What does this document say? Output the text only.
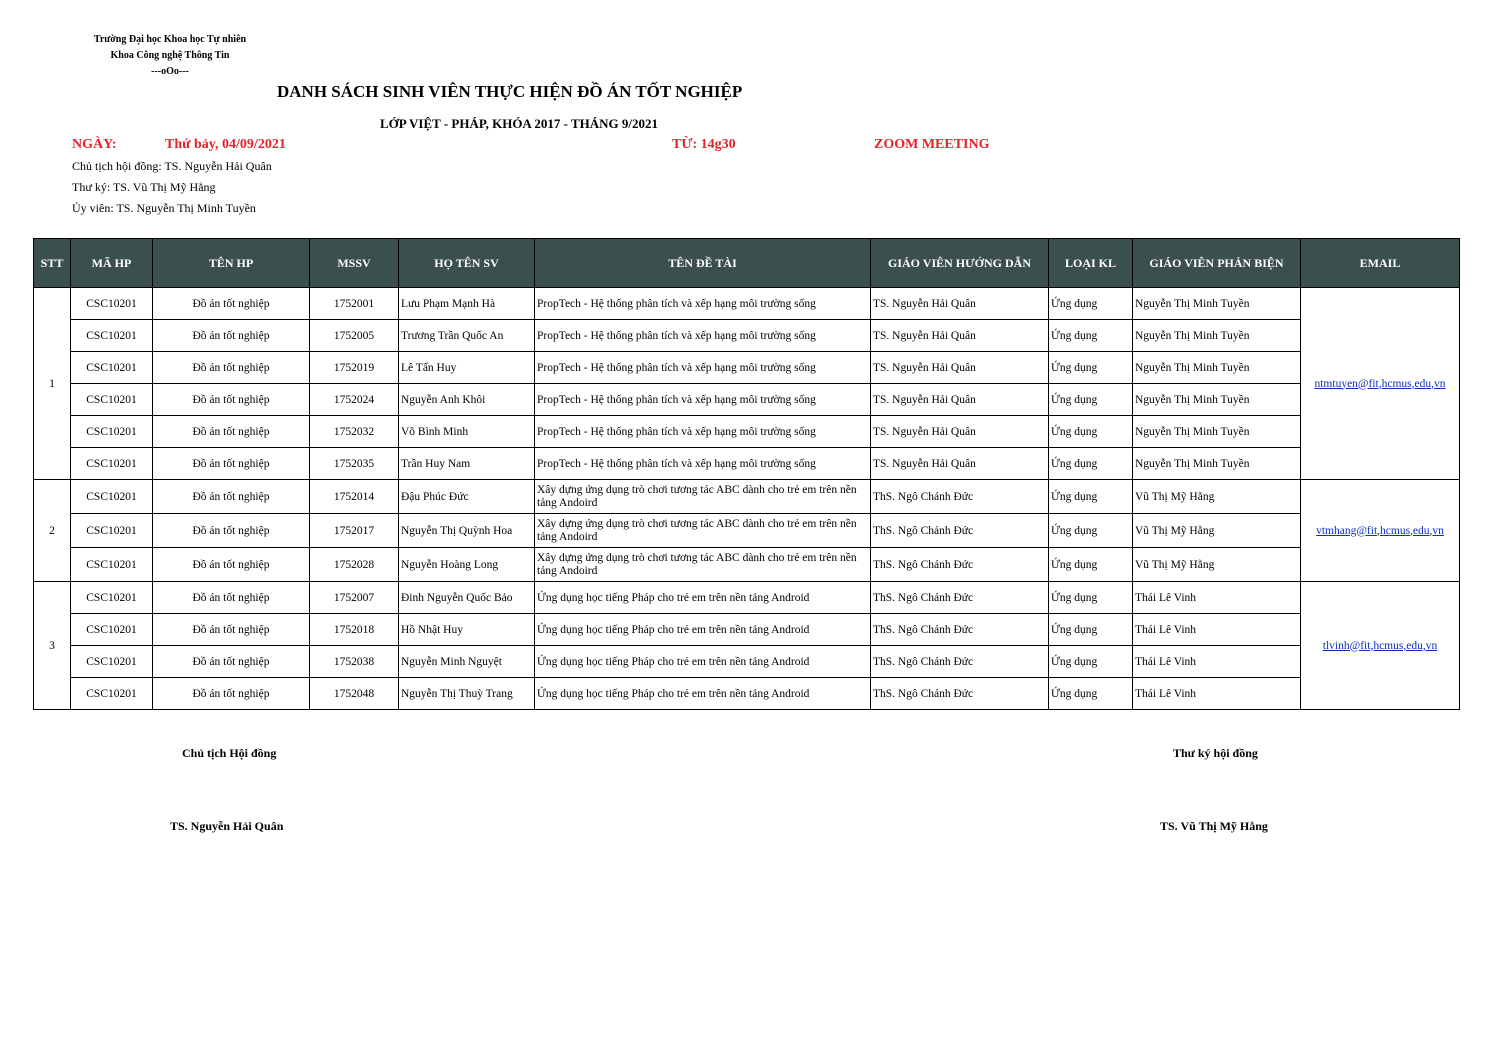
Trường Đại học Khoa học Tự nhiên
Khoa Công nghệ Thông Tin
---oOo---
DANH SÁCH SINH VIÊN THỰC HIỆN ĐỒ ÁN TỐT NGHIỆP
LỚP VIỆT - PHÁP, KHÓA 2017 - THÁNG 9/2021
NGÀY:	Thứ bảy, 04/09/2021	TỪ: 14g30	ZOOM MEETING
Chủ tịch hội đồng: TS. Nguyễn Hải Quân
Thư ký: TS. Vũ Thị Mỹ Hằng
Ủy viên: TS. Nguyễn Thị Minh Tuyền
STT	MÃ HP	TÊN HP	MSSV	HỌ TÊN SV	TÊN ĐỀ TÀI	GIÁO VIÊN HƯỚNG DẪN	LOẠI KL	GIÁO VIÊN PHẢN BIỆN	EMAIL
1	CSC10201	Đồ án tốt nghiệp	1752001	Lưu Phạm Mạnh Hà	PropTech - Hệ thống phân tích và xếp hạng môi trường sống	TS. Nguyễn Hải Quân	Ứng dụng	Nguyễn Thị Minh Tuyền	ntmtuyen@fit,hcmus,edu,vn
	CSC10201	Đồ án tốt nghiệp	1752005	Trương Trần Quốc An	PropTech - Hệ thống phân tích và xếp hạng môi trường sống	TS. Nguyễn Hải Quân	Ứng dụng	Nguyễn Thị Minh Tuyền	
	CSC10201	Đồ án tốt nghiệp	1752019	Lê Tấn Huy	PropTech - Hệ thống phân tích và xếp hạng môi trường sống	TS. Nguyễn Hải Quân	Ứng dụng	Nguyễn Thị Minh Tuyền	
	CSC10201	Đồ án tốt nghiệp	1752024	Nguyễn Anh Khôi	PropTech - Hệ thống phân tích và xếp hạng môi trường sống	TS. Nguyễn Hải Quân	Ứng dụng	Nguyễn Thị Minh Tuyền	
	CSC10201	Đồ án tốt nghiệp	1752032	Võ Bình Minh	PropTech - Hệ thống phân tích và xếp hạng môi trường sống	TS. Nguyễn Hải Quân	Ứng dụng	Nguyễn Thị Minh Tuyền	
	CSC10201	Đồ án tốt nghiệp	1752035	Trần Huy Nam	PropTech - Hệ thống phân tích và xếp hạng môi trường sống	TS. Nguyễn Hải Quân	Ứng dụng	Nguyễn Thị Minh Tuyền	
2	CSC10201	Đồ án tốt nghiệp	1752014	Đậu Phúc Đức	Xây dựng ứng dụng trò chơi tương tác ABC dành cho trẻ em trên nền tảng Andoird	ThS. Ngô Chánh Đức	Ứng dụng	Vũ Thị Mỹ Hằng	vtmhang@fit,hcmus,edu,vn
	CSC10201	Đồ án tốt nghiệp	1752017	Nguyễn Thị Quỳnh Hoa	Xây dựng ứng dụng trò chơi tương tác ABC dành cho trẻ em trên nền tảng Andoird	ThS. Ngô Chánh Đức	Ứng dụng	Vũ Thị Mỹ Hằng	
	CSC10201	Đồ án tốt nghiệp	1752028	Nguyễn Hoàng Long	Xây dựng ứng dụng trò chơi tương tác ABC dành cho trẻ em trên nền tảng Andoird	ThS. Ngô Chánh Đức	Ứng dụng	Vũ Thị Mỹ Hằng	
3	CSC10201	Đồ án tốt nghiệp	1752007	Đinh Nguyễn Quốc Bảo	Ứng dụng học tiếng Pháp cho trẻ em trên nền tảng Android	ThS. Ngô Chánh Đức	Ứng dụng	Thái Lê Vinh	tlvinh@fit,hcmus,edu,vn
	CSC10201	Đồ án tốt nghiệp	1752018	Hồ Nhật Huy	Ứng dụng học tiếng Pháp cho trẻ em trên nền tảng Android	ThS. Ngô Chánh Đức	Ứng dụng	Thái Lê Vinh	
	CSC10201	Đồ án tốt nghiệp	1752038	Nguyễn Minh Nguyệt	Ứng dụng học tiếng Pháp cho trẻ em trên nền tảng Android	ThS. Ngô Chánh Đức	Ứng dụng	Thái Lê Vinh	
	CSC10201	Đồ án tốt nghiệp	1752048	Nguyễn Thị Thuỳ Trang	Ứng dụng học tiếng Pháp cho trẻ em trên nền tảng Android	ThS. Ngô Chánh Đức	Ứng dụng	Thái Lê Vinh	
Chủ tịch Hội đồng
TS. Nguyễn Hải Quân
Thư ký hội đồng
TS. Vũ Thị Mỹ Hằng
